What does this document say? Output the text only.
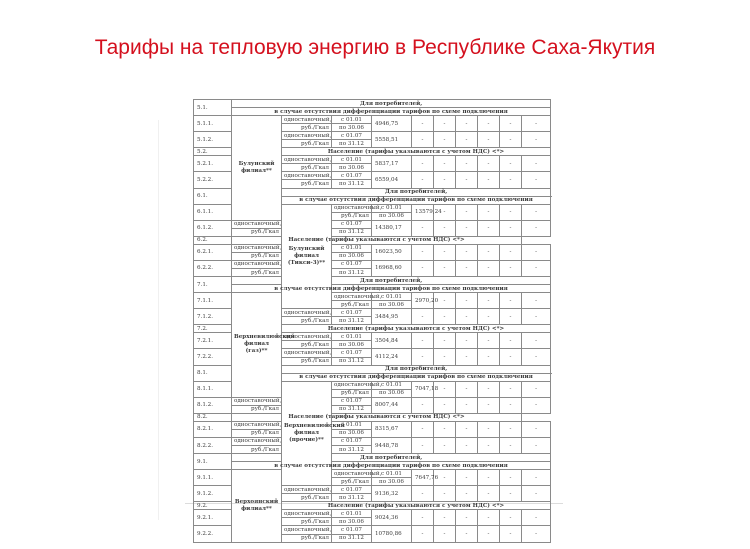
Тарифы на тепловую энергию в Республике Саха-Якутия
5.1.	Для потребителей,										
	в случае отсутствия дифференциации тарифов по схеме подключения										
5.1.1.	Булунский филиал**	одноставочный,	с 01.01	4946,75	-	-	-	-	-	-	
		руб./Гкал	по 30.06								
5.1.2.		одноставочный,	с 01.07	5558,51	-	-	-	-	-	-	
		руб./Гкал	по 31.12								
5.2.		Население (тарифы указываются с учетом НДС) <*>									
5.2.1.		одноставочный,	с 01.01	5837,17	-	-	-	-	-	-	
		руб./Гкал	по 30.06								
5.2.2.		одноставочный,	с 01.07	6559,04	-	-	-	-	-	-	
		руб./Гкал	по 31.12								
6.1.		Для потребителей,									
		в случае отсутствия дифференциации тарифов по схеме подключения									
6.1.1.		Булунский филиал (Тикси-3)**	одноставочный,	с 01.01	13579,24	-	-	-	-	-	
			руб./Гкал	по 30.06							
6.1.2.	одноставочный,		с 01.07	14380,17	-	-	-	-	-	-	
	руб./Гкал		по 31.12								
6.2.	Население (тарифы указываются с учетом НДС) <*>										
6.2.1.	одноставочный,		с 01.01	16023,50	-	-	-	-	-	-	
	руб./Гкал		по 30.06								
6.2.2.	одноставочный,		с 01.07	16968,60	-	-	-	-	-	-	
	руб./Гкал		по 31.12								
7.1.	Для потребителей,										
	в случае отсутствия дифференциации тарифов по схеме подключения										
7.1.1.	Верхневилюйский филиал (газ)**		одноставочный,	с 01.01	2970,20	-	-	-	-	-	
			руб./Гкал	по 30.06							
7.1.2.		одноставочный,	с 01.07	3484,95	-	-	-	-	-	-	
		руб./Гкал	по 31.12								
7.2.		Население (тарифы указываются с учетом НДС) <*>									
7.2.1.		одноставочный,	с 01.01	3504,84	-	-	-	-	-	-	
		руб./Гкал	по 30.06								
7.2.2.		одноставочный,	с 01.07	4112,24	-	-	-	-	-	-	
		руб./Гкал	по 31.12								
8.1.		Для потребителей,									
		в случае отсутствия дифференциации тарифов по схеме подключения									
8.1.1.		Верхневилюйский филиал (прочие)**	одноставочный,	с 01.01	7047,18	-	-	-	-	-	
			руб./Гкал	по 30.06							
8.1.2.	одноставочный,		с 01.07	8007,44	-	-	-	-	-	-	
	руб./Гкал		по 31.12								
8.2.	Население (тарифы указываются с учетом НДС) <*>										
8.2.1.	одноставочный,		с 01.01	8315,67	-	-	-	-	-	-	
	руб./Гкал		по 30.06								
8.2.2.	одноставочный,		с 01.07	9448,78	-	-	-	-	-	-	
	руб./Гкал		по 31.12								
9.1.	Для потребителей,										
	в случае отсутствия дифференциации тарифов по схеме подключения										
9.1.1.	Верхоянский филиал**		одноставочный,	с 01.01	7647,76	-	-	-	-	-	
			руб./Гкал	по 30.06							
9.1.2.		одноставочный,	с 01.07	9136,32	-	-	-	-	-	-	
		руб./Гкал	по 31.12								
9.2.		Население (тарифы указываются с учетом НДС) <*>									
9.2.1.		одноставочный,	с 01.01	9024,36	-	-	-	-	-	-	
		руб./Гкал	по 30.06								
9.2.2.		одноставочный,	с 01.07	10780,86	-	-	-	-	-	-	
		руб./Гкал	по 31.12								
